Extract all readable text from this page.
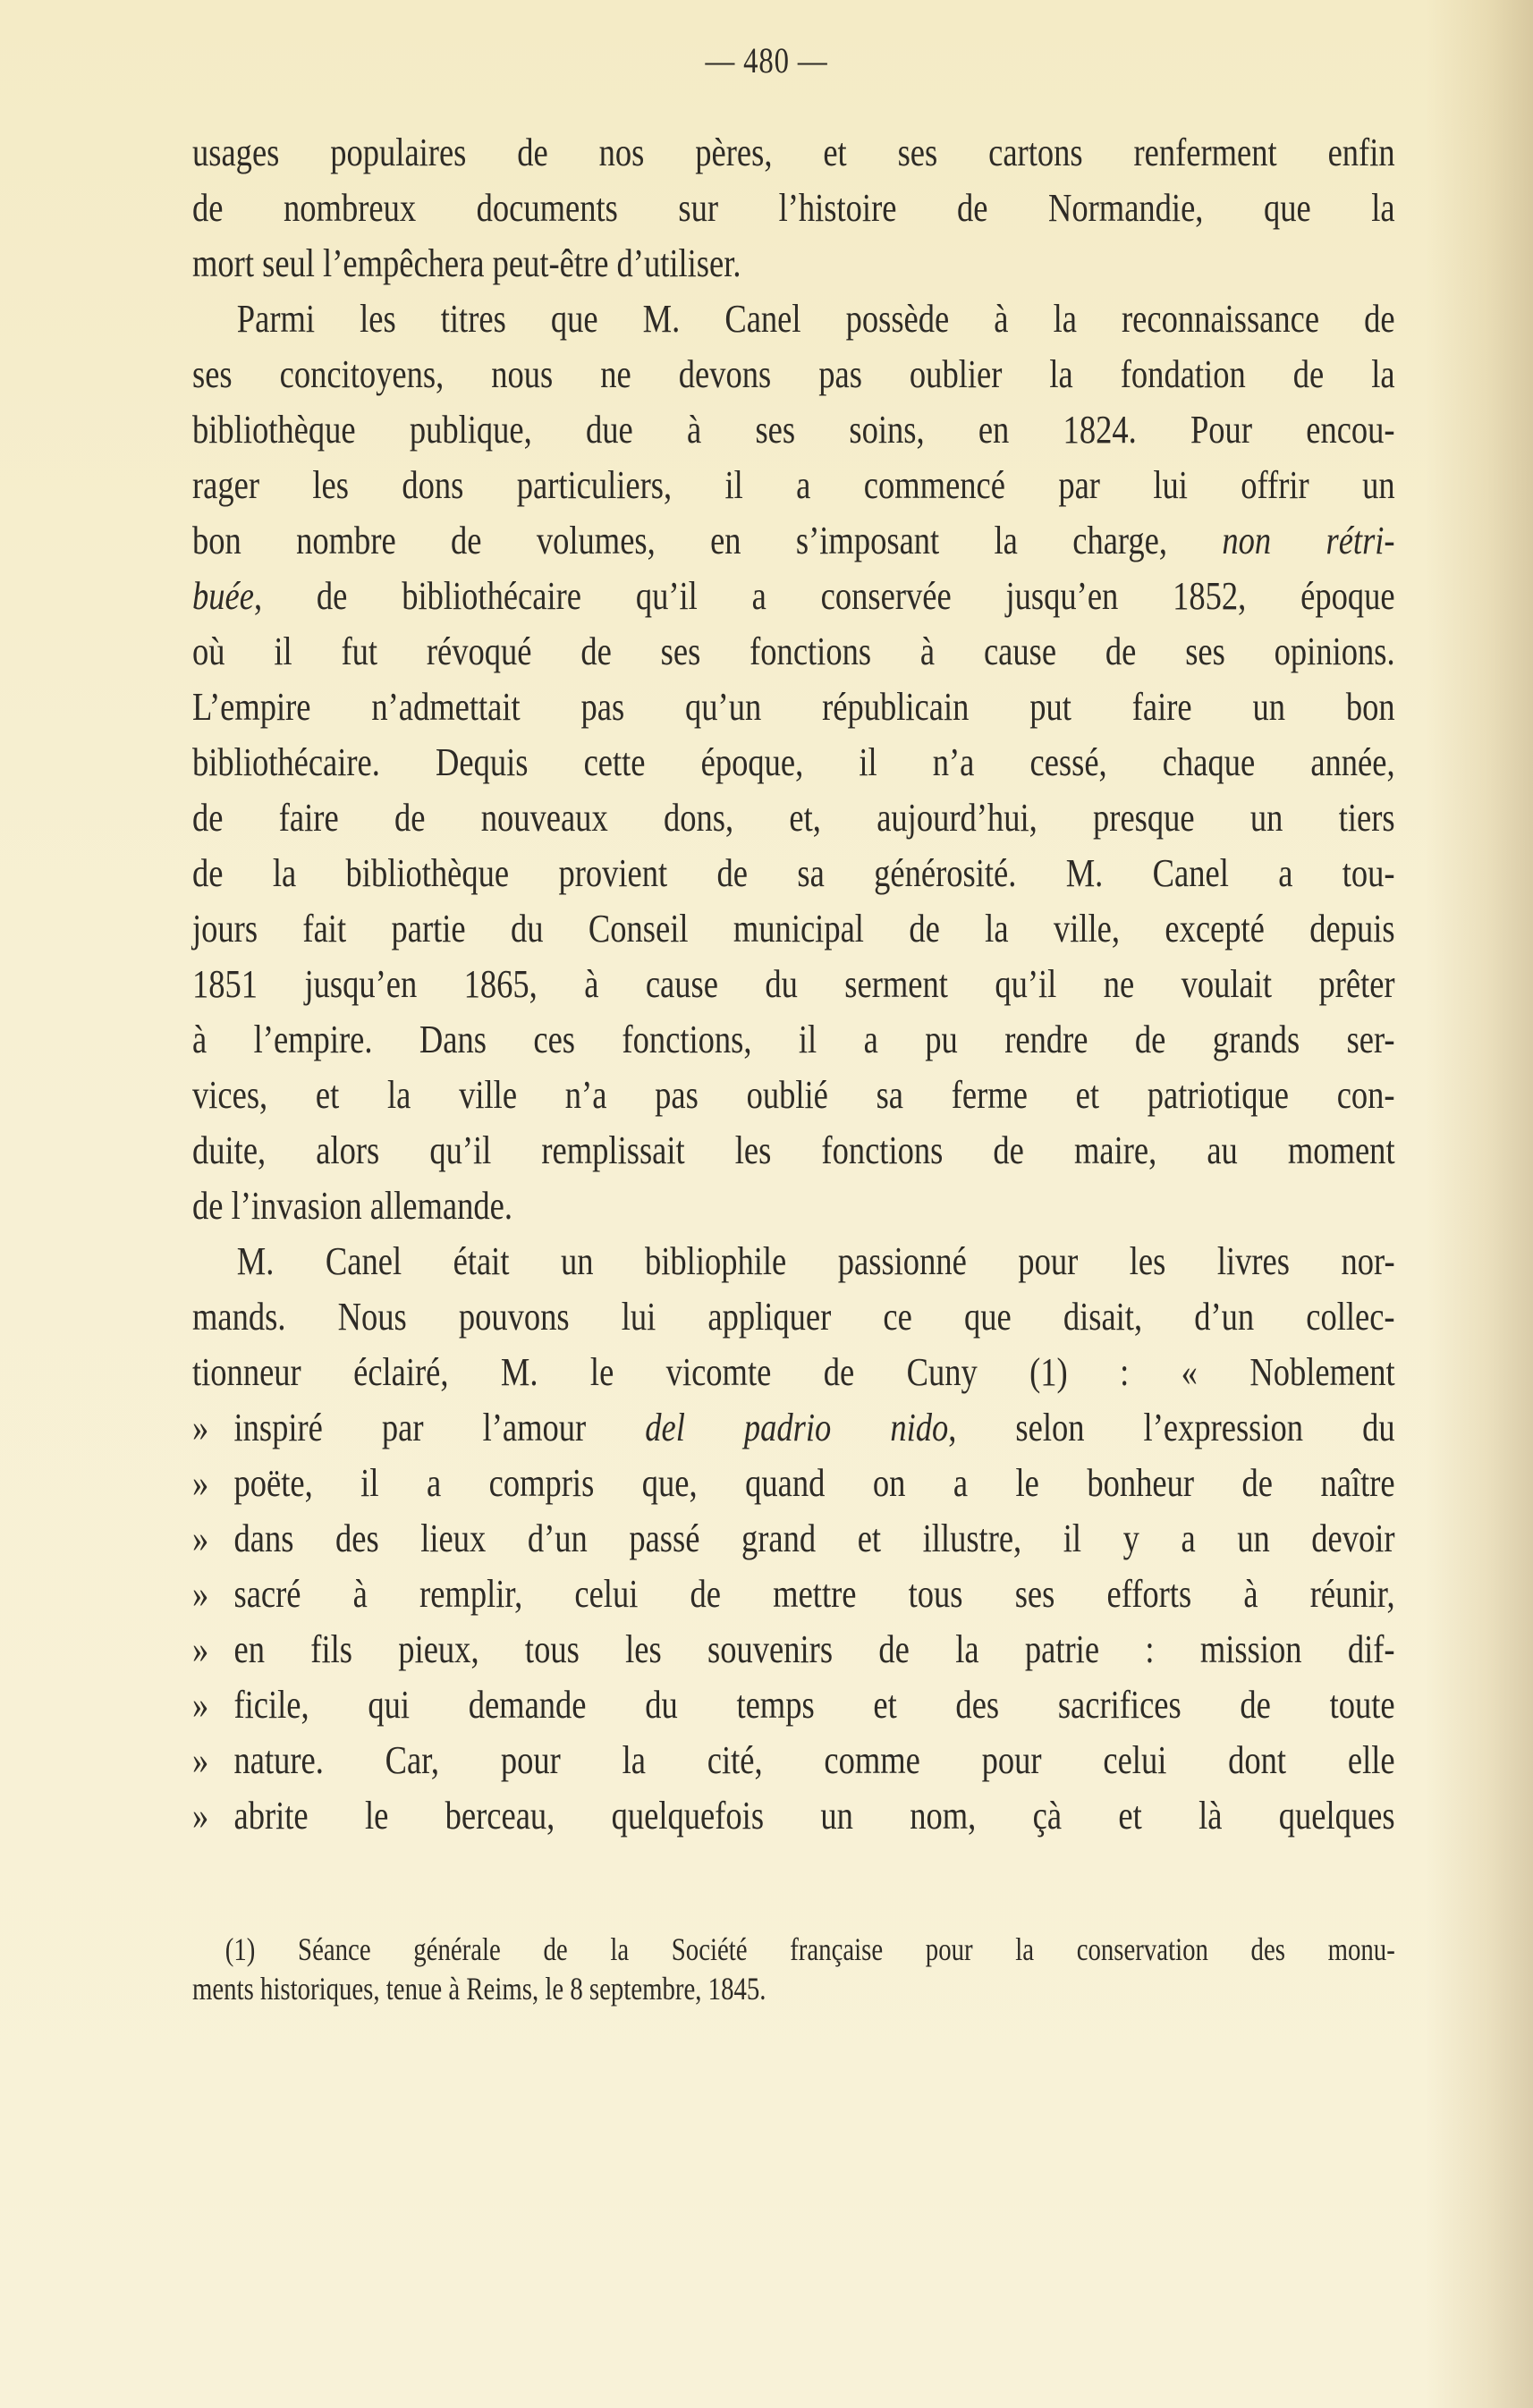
— 480 —
usages populaires de nos pères, et ses cartons renferment enfin
de nombreux documents sur l’histoire de Normandie, que la
mort seul l’empêchera peut-être d’utiliser.
Parmi les titres que M. Canel possède à la reconnaissance de
ses concitoyens, nous ne devons pas oublier la fondation de la
bibliothèque publique, due à ses soins, en 1824. Pour encou-
rager les dons particuliers, il a commencé par lui offrir un
bon nombre de volumes, en s’imposant la charge, non rétri-
buée, de bibliothécaire qu’il a conservée jusqu’en 1852, époque
où il fut révoqué de ses fonctions à cause de ses opinions.
L’empire n’admettait pas qu’un républicain put faire un bon
bibliothécaire. Dequis cette époque, il n’a cessé, chaque année,
de faire de nouveaux dons, et, aujourd’hui, presque un tiers
de la bibliothèque provient de sa générosité. M. Canel a tou-
jours fait partie du Conseil municipal de la ville, excepté depuis
1851 jusqu’en 1865, à cause du serment qu’il ne voulait prêter
à l’empire. Dans ces fonctions, il a pu rendre de grands ser-
vices, et la ville n’a pas oublié sa ferme et patriotique con-
duite, alors qu’il remplissait les fonctions de maire, au moment
de l’invasion allemande.
M. Canel était un bibliophile passionné pour les livres nor-
mands. Nous pouvons lui appliquer ce que disait, d’un collec-
tionneur éclairé, M. le vicomte de Cuny (1) : « Noblement
» inspiré par l’amour del padrio nido, selon l’expression du
» poëte, il a compris que, quand on a le bonheur de naître
» dans des lieux d’un passé grand et illustre, il y a un devoir
» sacré à remplir, celui de mettre tous ses efforts à réunir,
» en fils pieux, tous les souvenirs de la patrie : mission dif-
» ficile, qui demande du temps et des sacrifices de toute
» nature. Car, pour la cité, comme pour celui dont elle
» abrite le berceau, quelquefois un nom, çà et là quelques
(1) Séance générale de la Société française pour la conservation des monu-
ments historiques, tenue à Reims, le 8 septembre, 1845.
